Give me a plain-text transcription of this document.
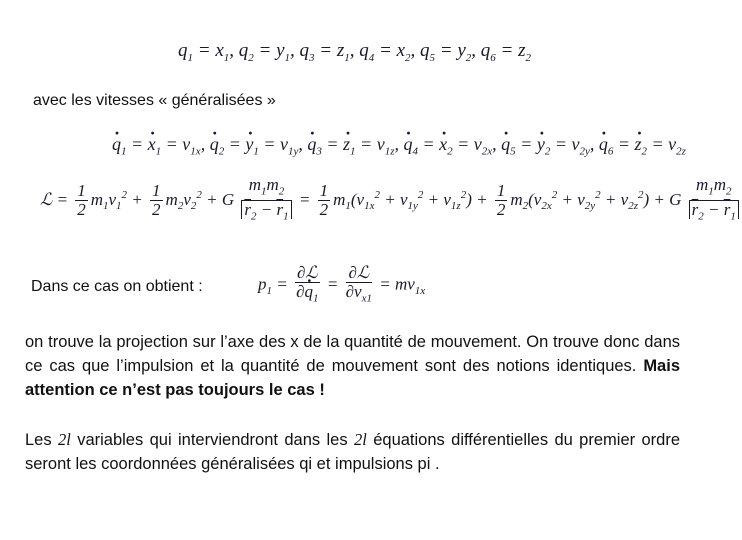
$q_1 = x_1$, $q_2 = y_1$, $q_3 = z_1$, $q_4 = x_2$, $q_5 = y_2$, $q_6 = z_2$
avec les vitesses « généralisées »
· $q_1$ = · $x_1 = v_{1x}$, · $q_2$ = · $y_1 = v_{1y}$, · $q_3$ = · $z_1 = v_{1z}$, · $q_4$ = · $x_2 = v_{2x}$, · $q_5$ = · $y_2 = v_{2y}$, · $q_6$ = · $z_2 = v_{2z}$
ℒ = $\frac{1}{2} m_1v_1^2 + \frac{1}{2} m_2v_2^2 + G \frac{m_1m_2}{\overline{r}_2 - \overline{r}_1} = \frac{1}{2} m_1(v_{1x}^2 + v_{1y}^2 + v_{1z}^2) + \frac{1}{2} m_2(v_{2x}^2 + v_{2y}^2 + v_{2z}^2) + G \frac{m_1m_2}{\overline{r}_2 - \overline{r}_1}$
Dans ce cas on obtient :	$p_1 = \frac{\text{∂ℒ}}{\partial\cdot q_1} = \frac{\text{∂ℒ}}{\partial v_{x1}} = mv_{1x}$
on trouve la projection sur l’axe des x de la quantité de mouvement. On trouve donc dans ce cas que l’impulsion et la quantité de mouvement sont des notions identiques. Mais attention ce n’est pas toujours le cas !
Les 2l variables qui interviendront dans les 2l équations différentielles du premier ordre seront les coordonnées généralisées qi et impulsions pi .
